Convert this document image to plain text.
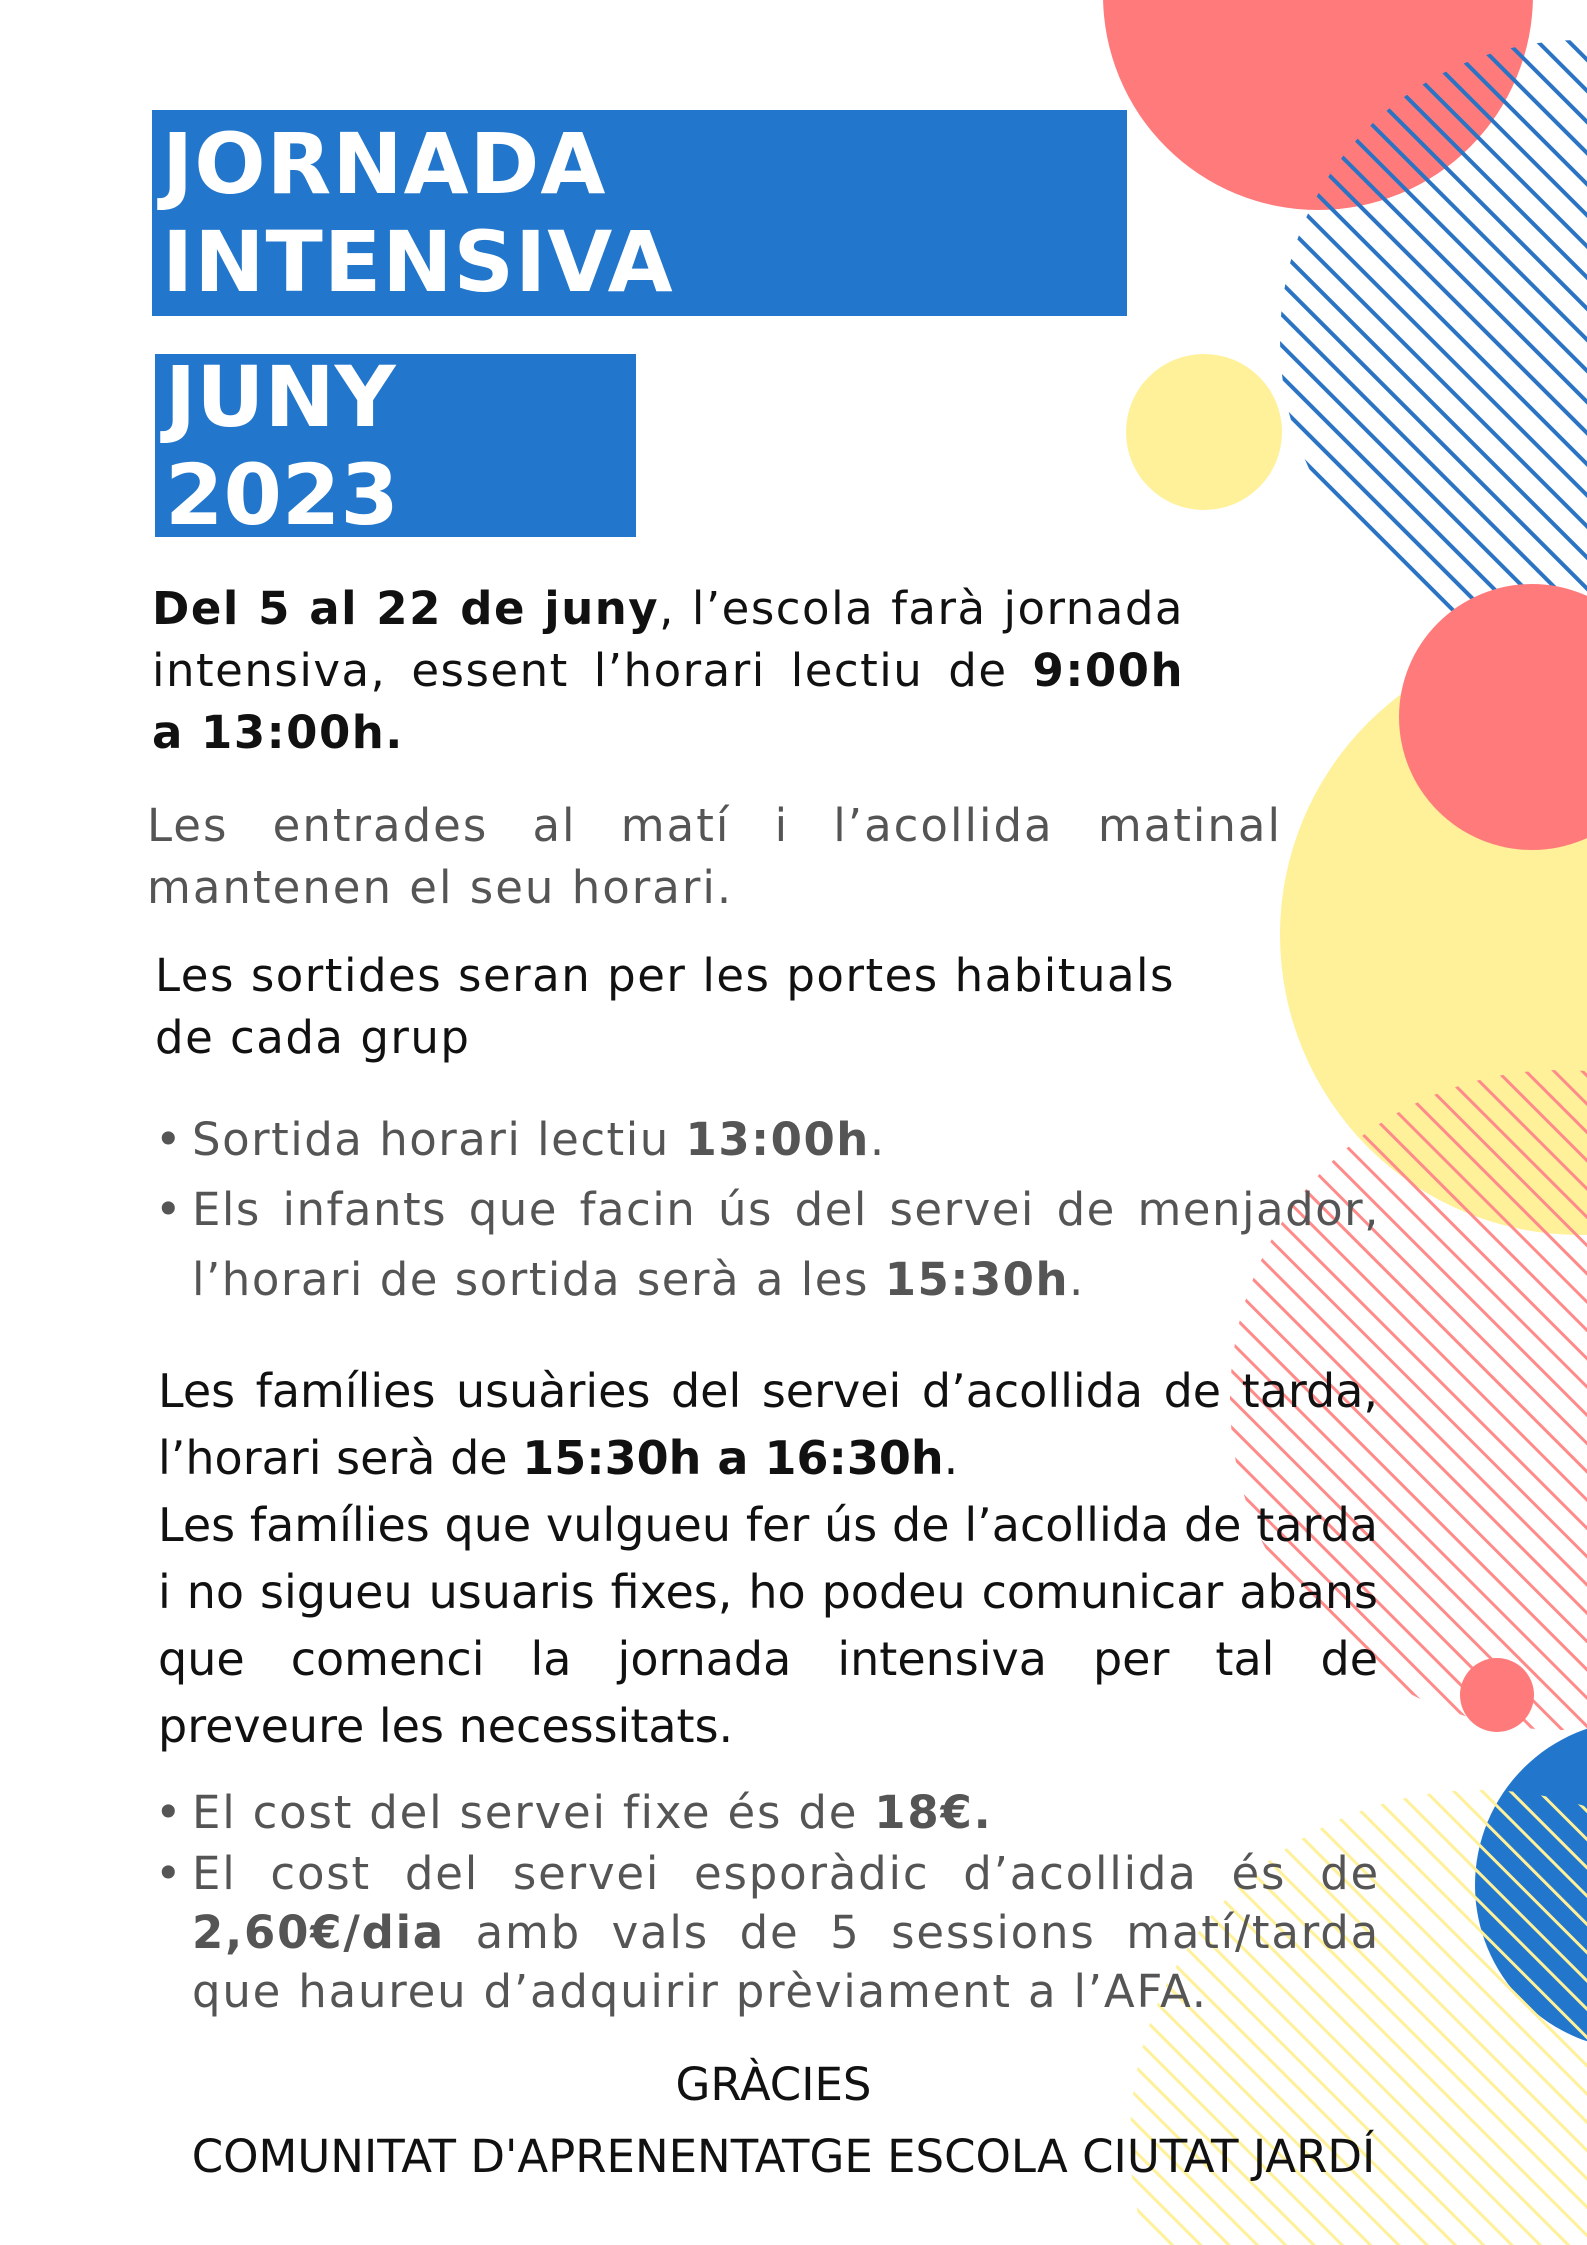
JORNADA INTENSIVA
JUNY 2023

Del 5 al 22 de juny, l’escola farà jornada intensiva, essent l’horari lectiu de 9:00h a 13:00h.

Les entrades al matí i l’acollida matinal mantenen el seu horari.

Les sortides seran per les portes habituals de cada grup

• Sortida horari lectiu 13:00h.
• Els infants que facin ús del servei de menjador, l’horari de sortida serà a les 15:30h.

Les famílies usuàries del servei d’acollida de tarda, l’horari serà de 15:30h a 16:30h.
Les famílies que vulgueu fer ús de l’acollida de tarda i no sigueu usuaris fixes, ho podeu comunicar abans que comenci la jornada intensiva per tal de preveure les necessitats.

• El cost del servei fixe és de 18€.
• El cost del servei esporàdic d’acollida és de 2,60€/dia amb vals de 5 sessions matí/tarda que haureu d’adquirir prèviament a l’AFA.
GRÀCIES
COMUNITAT D'APRENENTATGE ESCOLA CIUTAT JARDÍ
